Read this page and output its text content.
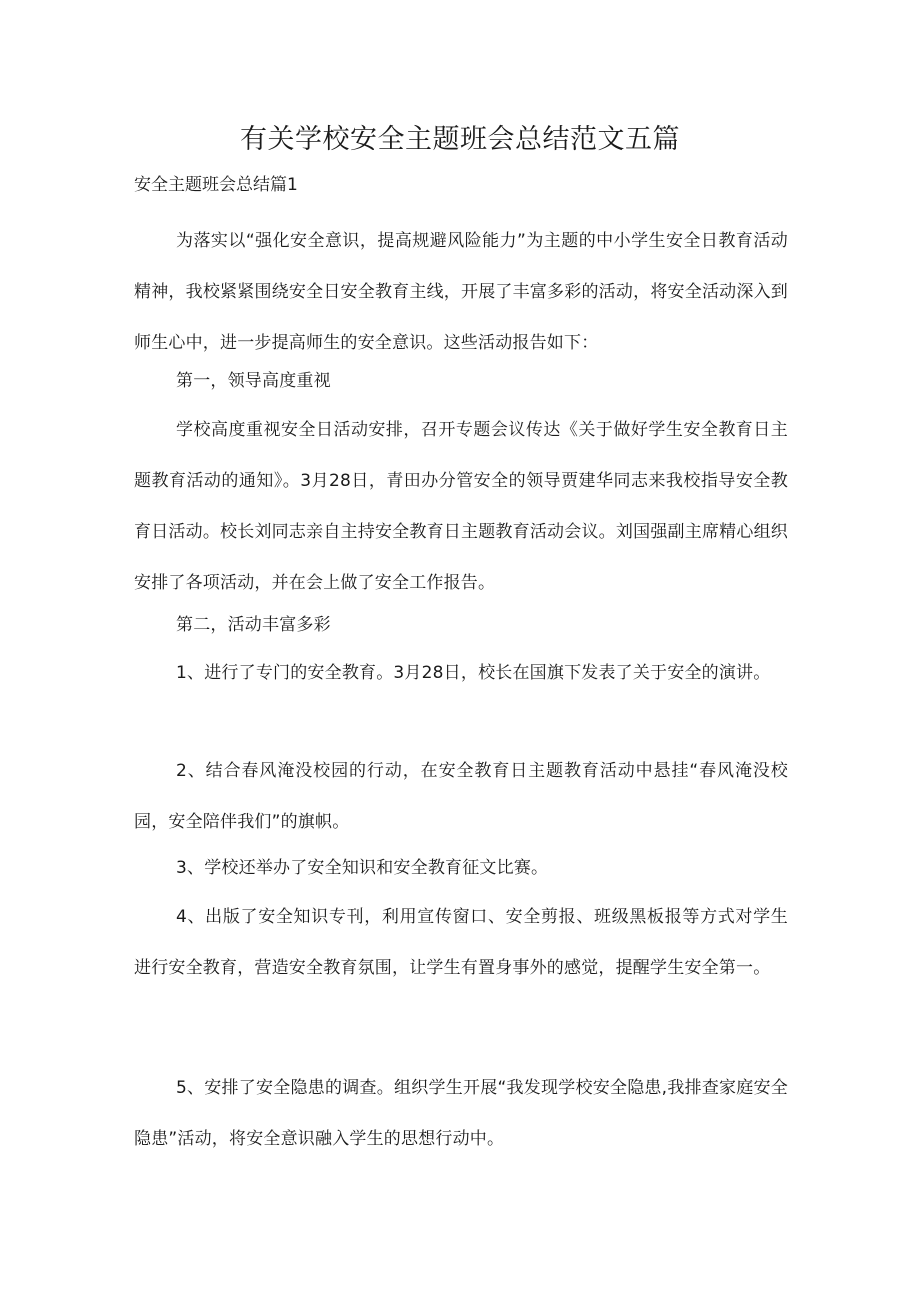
有关学校安全主题班会总结范文五篇

安全主题班会总结篇1

为落实以“强化安全意识，提高规避风险能力”为主题的中小学生安全日教育活动精神，我校紧紧围绕安全日安全教育主线，开展了丰富多彩的活动，将安全活动深入到师生心中，进一步提高师生的安全意识。这些活动报告如下：

第一，领导高度重视

学校高度重视安全日活动安排，召开专题会议传达《关于做好学生安全教育日主题教育活动的通知》。3月28日，青田办分管安全的领导贾建华同志来我校指导安全教育日活动。校长刘同志亲自主持安全教育日主题教育活动会议。刘国强副主席精心组织安排了各项活动，并在会上做了安全工作报告。

第二，活动丰富多彩

1、进行了专门的安全教育。3月28日，校长在国旗下发表了关于安全的演讲。

2、结合春风淹没校园的行动，在安全教育日主题教育活动中悬挂“春风淹没校园，安全陪伴我们”的旗帜。

3、学校还举办了安全知识和安全教育征文比赛。

4、出版了安全知识专刊，利用宣传窗口、安全剪报、班级黑板报等方式对学生进行安全教育，营造安全教育氛围，让学生有置身事外的感觉，提醒学生安全第一。

5、安排了安全隐患的调查。组织学生开展“我发现学校安全隐患,我排查家庭安全隐患”活动，将安全意识融入学生的思想行动中。
